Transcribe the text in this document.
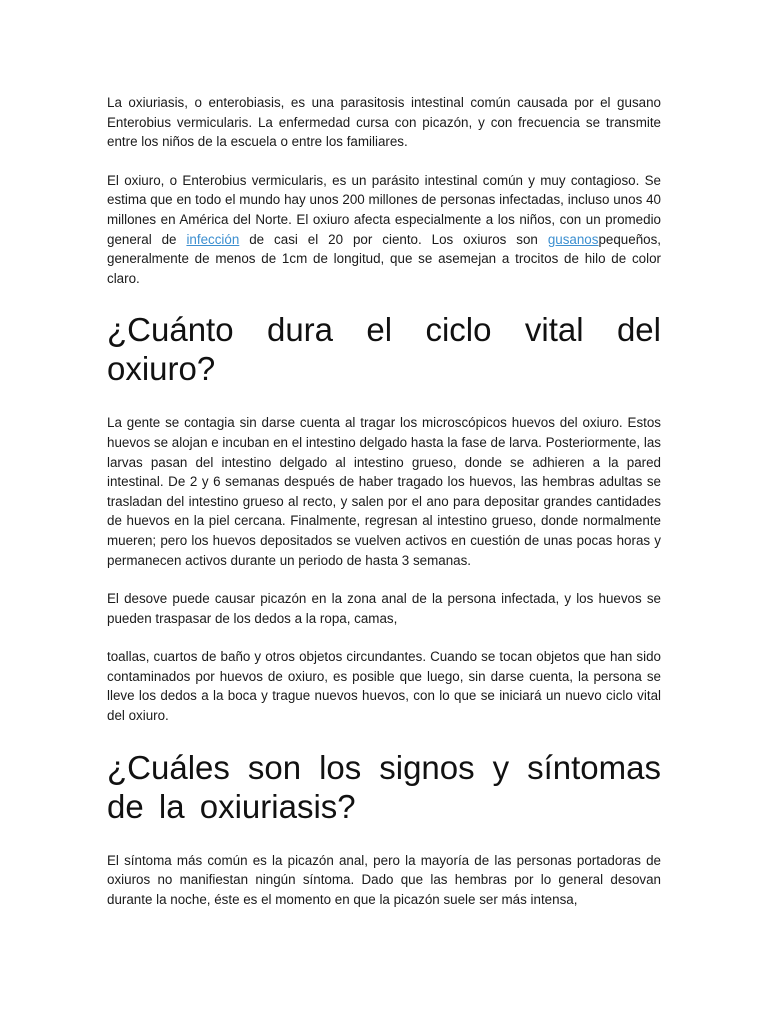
La oxiuriasis, o enterobiasis, es una parasitosis intestinal común causada por el gusano Enterobius vermicularis. La enfermedad cursa con picazón, y con frecuencia se transmite entre los niños de la escuela o entre los familiares.

El oxiuro, o Enterobius vermicularis, es un parásito intestinal común y muy contagioso. Se estima que en todo el mundo hay unos 200 millones de personas infectadas, incluso unos 40 millones en América del Norte. El oxiuro afecta especialmente a los niños, con un promedio general de infección de casi el 20 por ciento. Los oxiuros son gusanospequeños, generalmente de menos de 1cm de longitud, que se asemejan a trocitos de hilo de color claro.

¿Cuánto dura el ciclo vital del oxiuro?

La gente se contagia sin darse cuenta al tragar los microscópicos huevos del oxiuro. Estos huevos se alojan e incuban en el intestino delgado hasta la fase de larva. Posteriormente, las larvas pasan del intestino delgado al intestino grueso, donde se adhieren a la pared intestinal. De 2 y 6 semanas después de haber tragado los huevos, las hembras adultas se trasladan del intestino grueso al recto, y salen por el ano para depositar grandes cantidades de huevos en la piel cercana. Finalmente, regresan al intestino grueso, donde normalmente mueren; pero los huevos depositados se vuelven activos en cuestión de unas pocas horas y permanecen activos durante un periodo de hasta 3 semanas.

El desove puede causar picazón en la zona anal de la persona infectada, y los huevos se pueden traspasar de los dedos a la ropa, camas,

toallas, cuartos de baño y otros objetos circundantes. Cuando se tocan objetos que han sido contaminados por huevos de oxiuro, es posible que luego, sin darse cuenta, la persona se lleve los dedos a la boca y trague nuevos huevos, con lo que se iniciará un nuevo ciclo vital del oxiuro.

¿Cuáles son los signos y síntomas de la oxiuriasis?

El síntoma más común es la picazón anal, pero la mayoría de las personas portadoras de oxiuros no manifiestan ningún síntoma. Dado que las hembras por lo general desovan durante la noche, éste es el momento en que la picazón suele ser más intensa,
